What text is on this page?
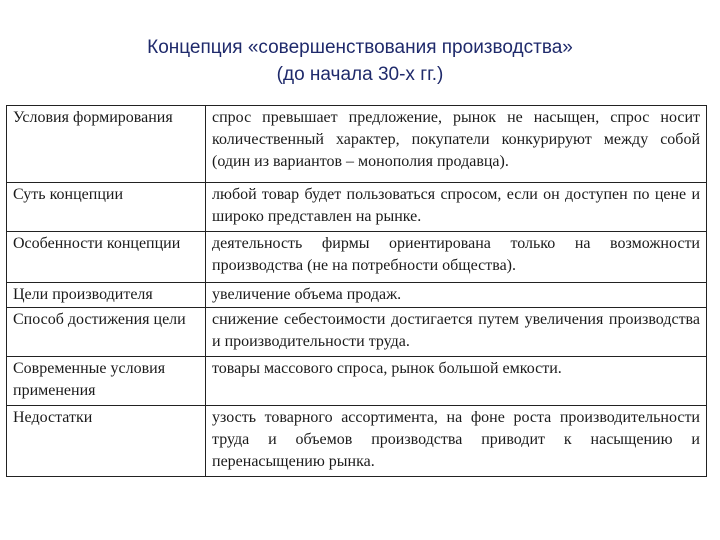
Концепция «совершенствования производства»
(до начала 30-х гг.)
Условия формирования	спрос превышает предложение, рынок не насыщен, спрос носит количественный характер, покупатели конкурируют между собой (один из вариантов – монополия продавца).
Суть концепции	любой товар будет пользоваться спросом, если он доступен по цене и широко представлен на рынке.
Особенности концепции	деятельность фирмы ориентирована только на возможности производства (не на потребности общества).
Цели производителя	увеличение объема продаж.
Способ достижения цели	снижение себестоимости достигается путем увеличения производства и производительности труда.
Современные условия применения	товары массового спроса, рынок большой емкости.
Недостатки	узость товарного ассортимента, на фоне роста производительности труда и объемов производства приводит к насыщению и перенасыщению рынка.
